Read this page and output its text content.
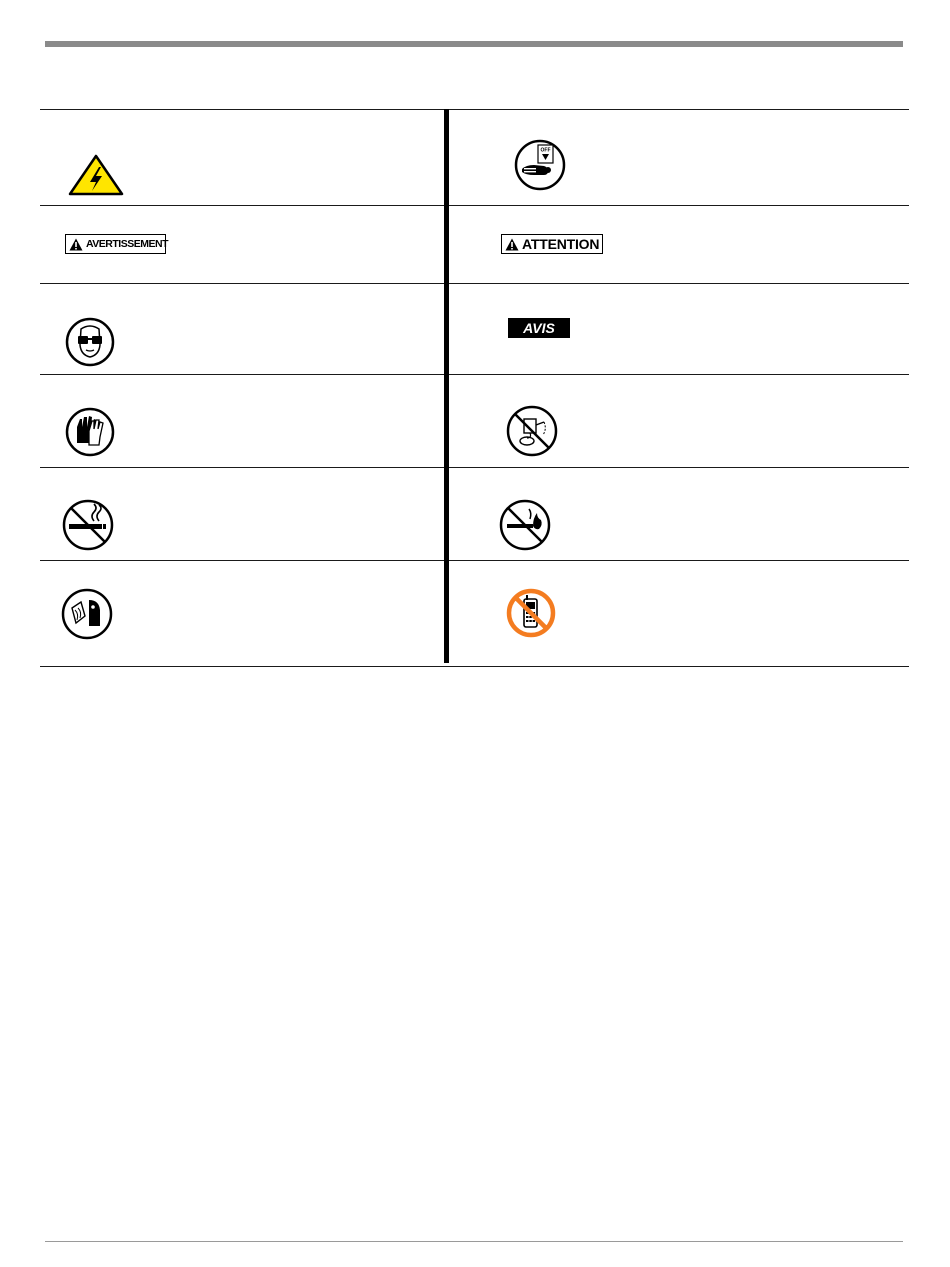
OFF
AVERTISSEMENT	ATTENTION
AVIS
